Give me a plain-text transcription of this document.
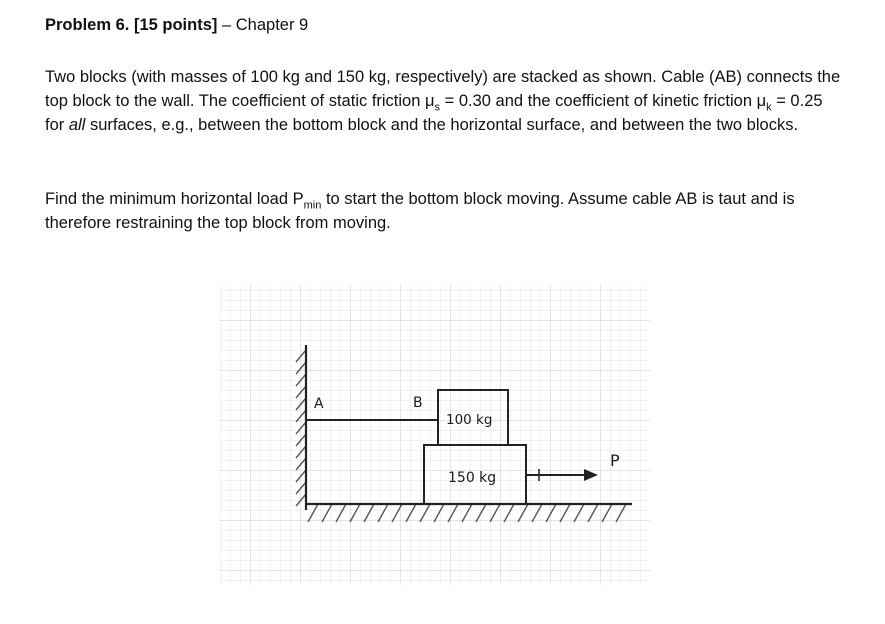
Problem 6. [15 points] – Chapter 9
Two blocks (with masses of 100 kg and 150 kg, respectively) are stacked as shown. Cable (AB) connects the top block to the wall. The coefficient of static friction $\mu_s = 0.30$ and the coefficient of kinetic friction $\mu_k = 0.25$ for all surfaces, e.g., between the bottom block and the horizontal surface, and between the two blocks.
Find the minimum horizontal load $P_{min}$ to start the bottom block moving. Assume cable AB is taut and is therefore restraining the top block from moving.
A	B
100 kg
150 kg
P
